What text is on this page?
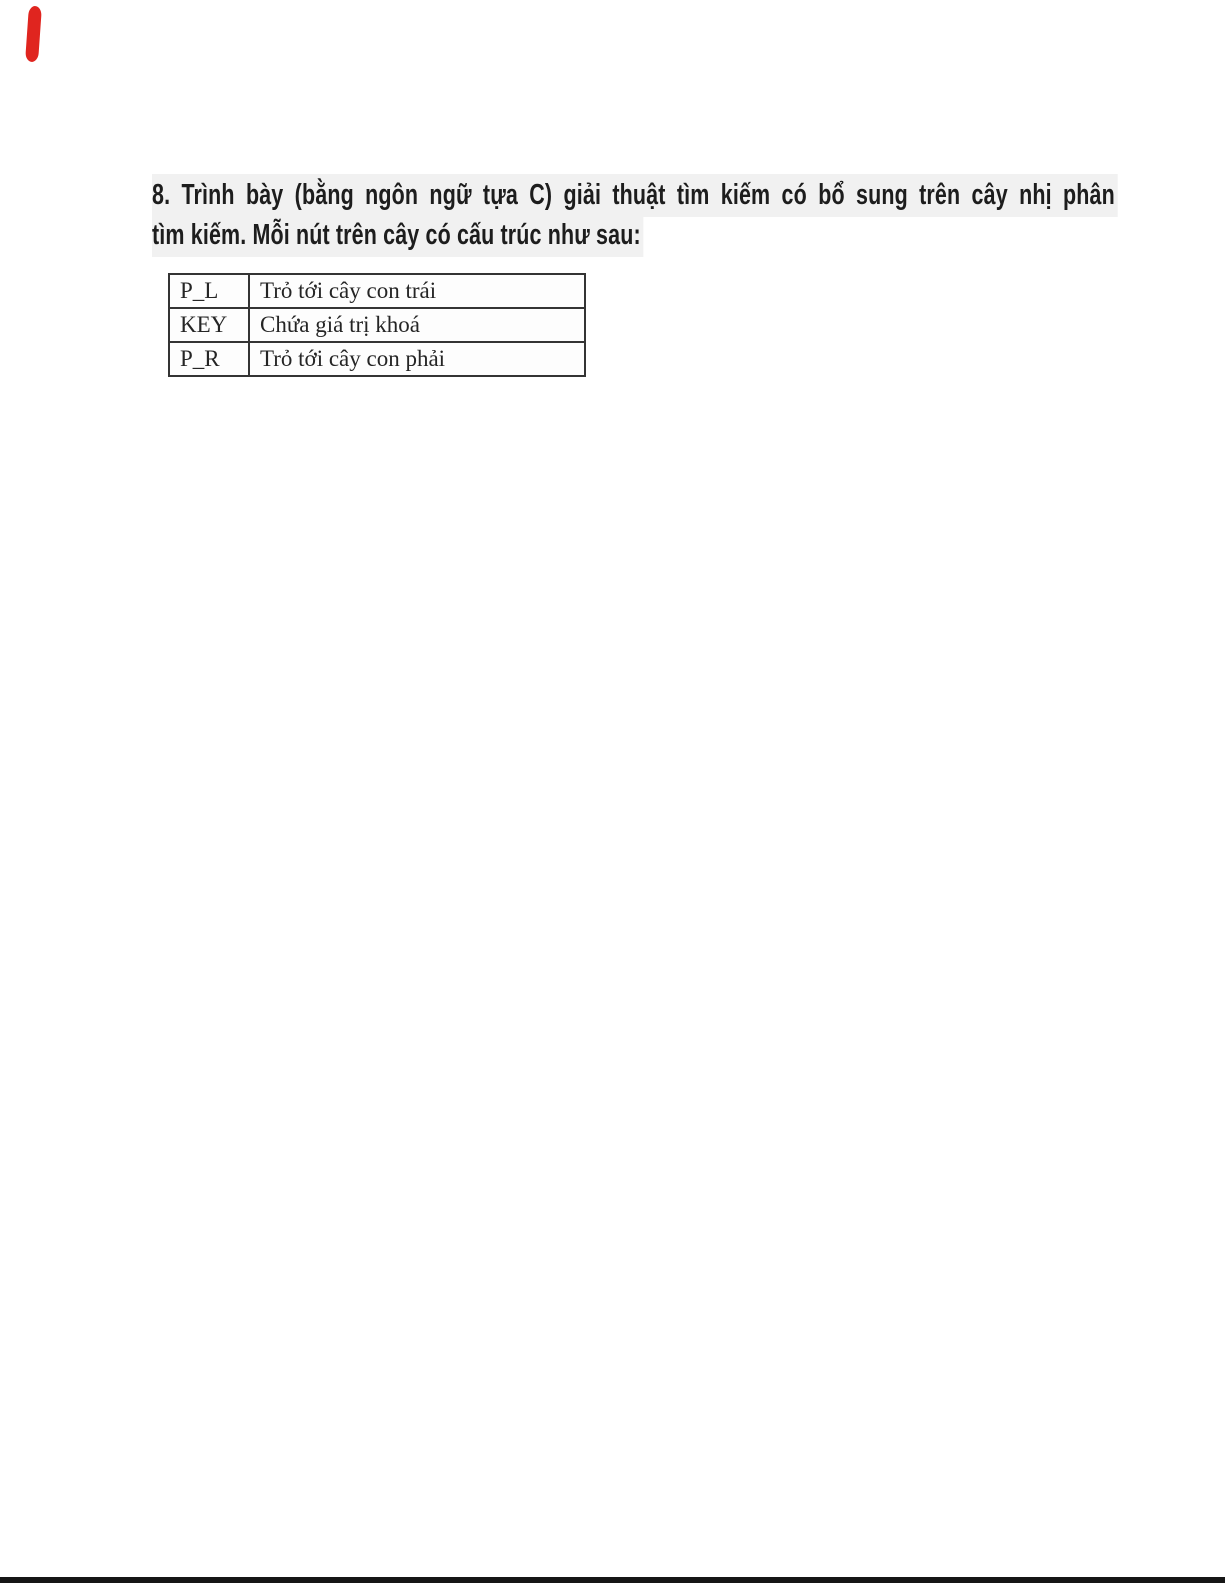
8. Trình bày (bằng ngôn ngữ tựa C) giải thuật tìm kiếm có bổ sung trên cây nhị phân
tìm kiếm. Mỗi nút trên cây có cấu trúc như sau:
P_L	Trỏ tới cây con trái
KEY	Chứa giá trị khoá
P_R	Trỏ tới cây con phải
